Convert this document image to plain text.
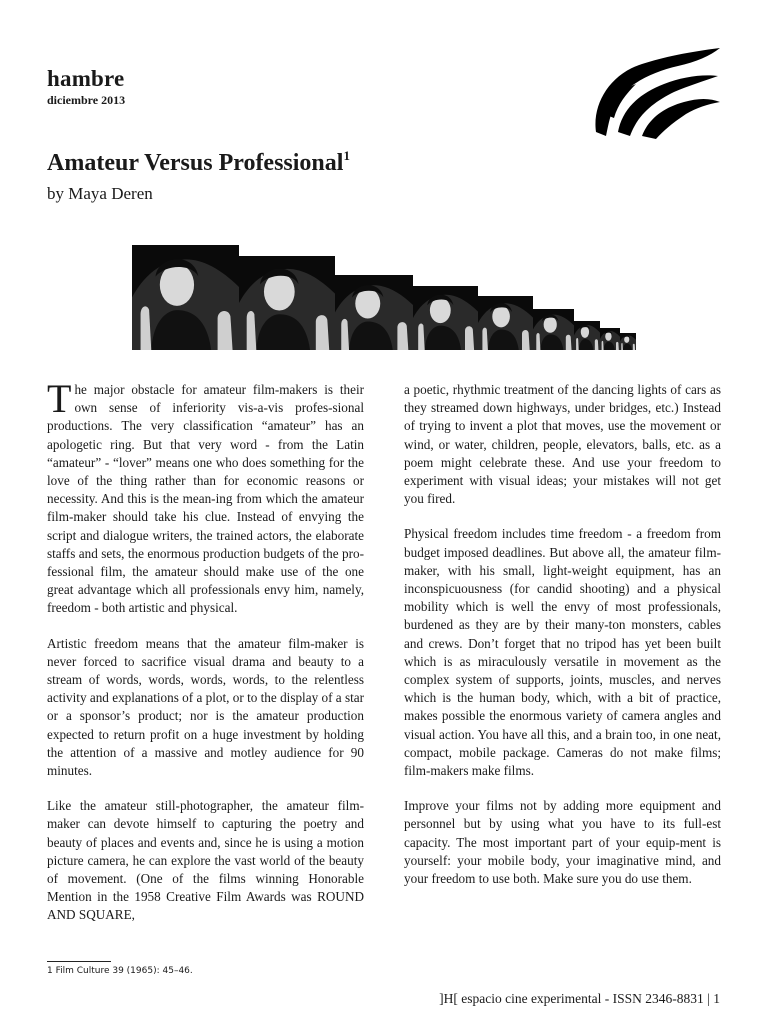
hambre
diciembre 2013
Amateur Versus Professional$^1$
by Maya Deren

The major obstacle for amateur film-makers is their own sense of inferiority vis-a-vis profes-sional productions. The very classification “amateur” has an apologetic ring. But that very word - from the Latin “amateur” - “lover” means one who does something for the love of the thing rather than for economic reasons or necessity. And this is the mean-ing from which the amateur film-maker should take his clue. Instead of envying the script and dialogue writers, the trained actors, the elaborate staffs and sets, the enormous production budgets of the pro-fessional film, the amateur should make use of the one great advantage which all professionals envy him, namely, freedom - both artistic and physical.

Artistic freedom means that the amateur film-maker is never forced to sacrifice visual drama and beauty to a stream of words, words, words, words, to the relentless activity and explanations of a plot, or to the display of a star or a sponsor’s product; nor is the amateur production expected to return profit on a huge investment by holding the attention of a massive and motley audience for 90 minutes.

Like the amateur still-photographer, the amateur film-maker can devote himself to capturing the poetry and beauty of places and events and, since he is using a motion picture camera, he can explore the vast world of the beauty of movement. (One of the films winning Honorable Mention in the 1958 Creative Film Awards was ROUND AND SQUARE,

a poetic, rhythmic treatment of the dancing lights of cars as they streamed down highways, under bridges, etc.) Instead of trying to invent a plot that moves, use the movement or wind, or water, children, people, elevators, balls, etc. as a poem might celebrate these. And use your freedom to experiment with visual ideas; your mistakes will not get you fired.

Physical freedom includes time freedom - a freedom from budget imposed deadlines. But above all, the amateur film-maker, with his small, light-weight equipment, has an inconspicuousness (for candid shooting) and a physical mobility which is well the envy of most professionals, burdened as they are by their many-ton monsters, cables and crews. Don’t forget that no tripod has yet been built which is as miraculously versatile in movement as the complex system of supports, joints, muscles, and nerves which is the human body, which, with a bit of practice, makes possible the enormous variety of camera angles and visual action. You have all this, and a brain too, in one neat, compact, mobile package. Cameras do not make films; film-makers make films.

Improve your films not by adding more equipment and personnel but by using what you have to its full-est capacity. The most important part of your equip-ment is yourself: your mobile body, your imaginative mind, and your freedom to use both. Make sure you do use them.

1 Film Culture 39 (1965): 45–46.
]H[ espacio cine experimental - ISSN 2346-8831 | 1
